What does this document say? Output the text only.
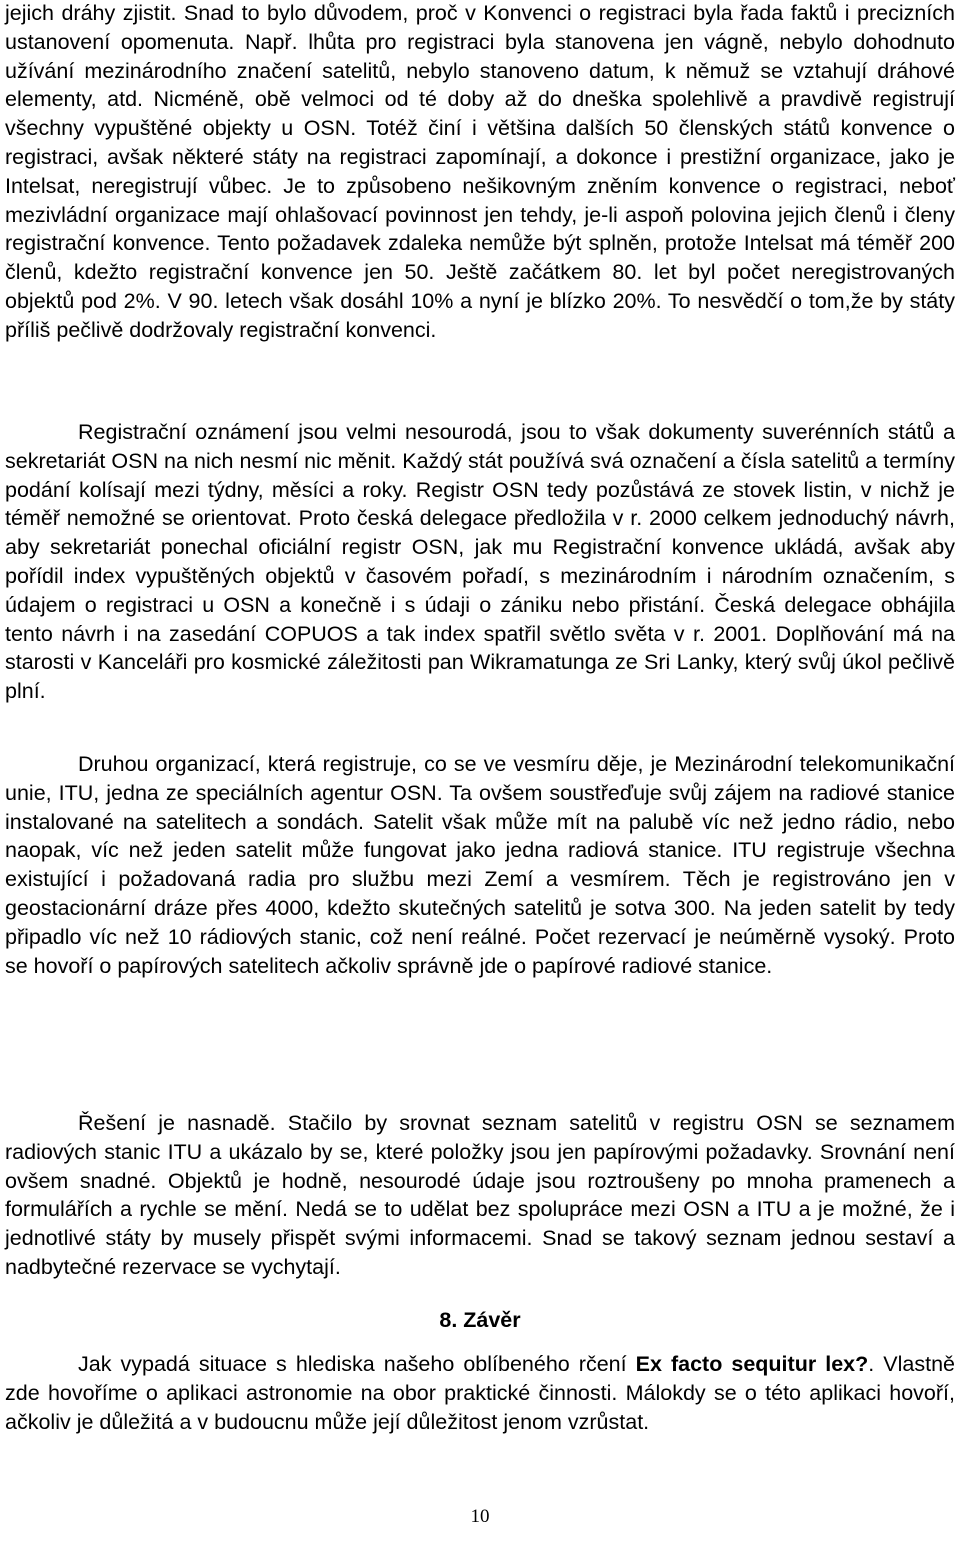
jejich dráhy zjistit. Snad to bylo důvodem, proč v Konvenci o registraci byla řada faktů i precizních ustanovení opomenuta. Např. lhůta pro registraci byla stanovena jen vágně, nebylo dohodnuto užívání mezinárodního značení satelitů, nebylo stanoveno datum, k němuž se vztahují dráhové elementy, atd. Nicméně, obě velmoci od té doby až do dneška spolehlivě a pravdivě registrují všechny vypuštěné objekty u OSN. Totéž činí i většina dalších 50 členských států konvence o registraci, avšak některé státy na registraci zapomínají, a dokonce i prestižní organizace, jako je Intelsat, neregistrují vůbec. Je to způsobeno nešikovným zněním konvence o registraci, neboť mezivládní organizace mají ohlašovací povinnost jen tehdy, je-li aspoň polovina jejich členů i členy registrační konvence. Tento požadavek zdaleka nemůže být splněn, protože Intelsat má téměř 200 členů, kdežto registrační konvence jen 50. Ještě začátkem 80. let byl počet neregistrovaných objektů pod 2%. V 90. letech však dosáhl 10% a nyní je blízko 20%. To nesvědčí o tom,že by státy příliš pečlivě dodržovaly registrační konvenci.

Registrační oznámení jsou velmi nesourodá, jsou to však dokumenty suverénních států a sekretariát OSN na nich nesmí nic měnit. Každý stát používá svá označení a čísla satelitů a termíny podání kolísají mezi týdny, měsíci a roky. Registr OSN tedy pozůstává ze stovek listin, v nichž je téměř nemožné se orientovat. Proto česká delegace předložila v r. 2000 celkem jednoduchý návrh, aby sekretariát ponechal oficiální registr OSN, jak mu Registrační konvence ukládá, avšak aby pořídil index vypuštěných objektů v časovém pořadí, s mezinárodním i národním označením, s údajem o registraci u OSN a konečně i s údaji o zániku nebo přistání. Česká delegace obhájila tento návrh i na zasedání COPUOS a tak index spatřil světlo světa v r. 2001. Doplňování má na starosti v Kanceláři pro kosmické záležitosti pan Wikramatunga ze Sri Lanky, který svůj úkol pečlivě plní.

Druhou organizací, která registruje, co se ve vesmíru děje, je Mezinárodní telekomunikační unie, ITU, jedna ze speciálních agentur OSN. Ta ovšem soustřeďuje svůj zájem na radiové stanice instalované na satelitech a sondách. Satelit však může mít na palubě víc než jedno rádio, nebo naopak, víc než jeden satelit může fungovat jako jedna radiová stanice. ITU registruje všechna existující i požadovaná radia pro službu mezi Zemí a vesmírem. Těch je registrováno jen v geostacionární dráze přes 4000, kdežto skutečných satelitů je sotva 300. Na jeden satelit by tedy připadlo víc než 10 rádiových stanic, což není reálné. Počet rezervací je neúměrně vysoký. Proto se hovoří o papírových satelitech ačkoliv správně jde o papírové radiové stanice.

Řešení je nasnadě. Stačilo by srovnat seznam satelitů v registru OSN se seznamem radiových stanic ITU a ukázalo by se, které položky jsou jen papírovými požadavky. Srovnání není ovšem snadné. Objektů je hodně, nesourodé údaje jsou roztroušeny po mnoha pramenech a formulářích a rychle se mění. Nedá se to udělat bez spolupráce mezi OSN a ITU a je možné, že i jednotlivé státy by musely přispět svými informacemi. Snad se takový seznam jednou sestaví a nadbytečné rezervace se vychytají.

8. Závěr

Jak vypadá situace s hlediska našeho oblíbeného rčení Ex facto sequitur lex?. Vlastně zde hovoříme o aplikaci astronomie na obor praktické činnosti. Málokdy se o této aplikaci hovoří, ačkoliv je důležitá a v budoucnu může její důležitost jenom vzrůstat.

10
